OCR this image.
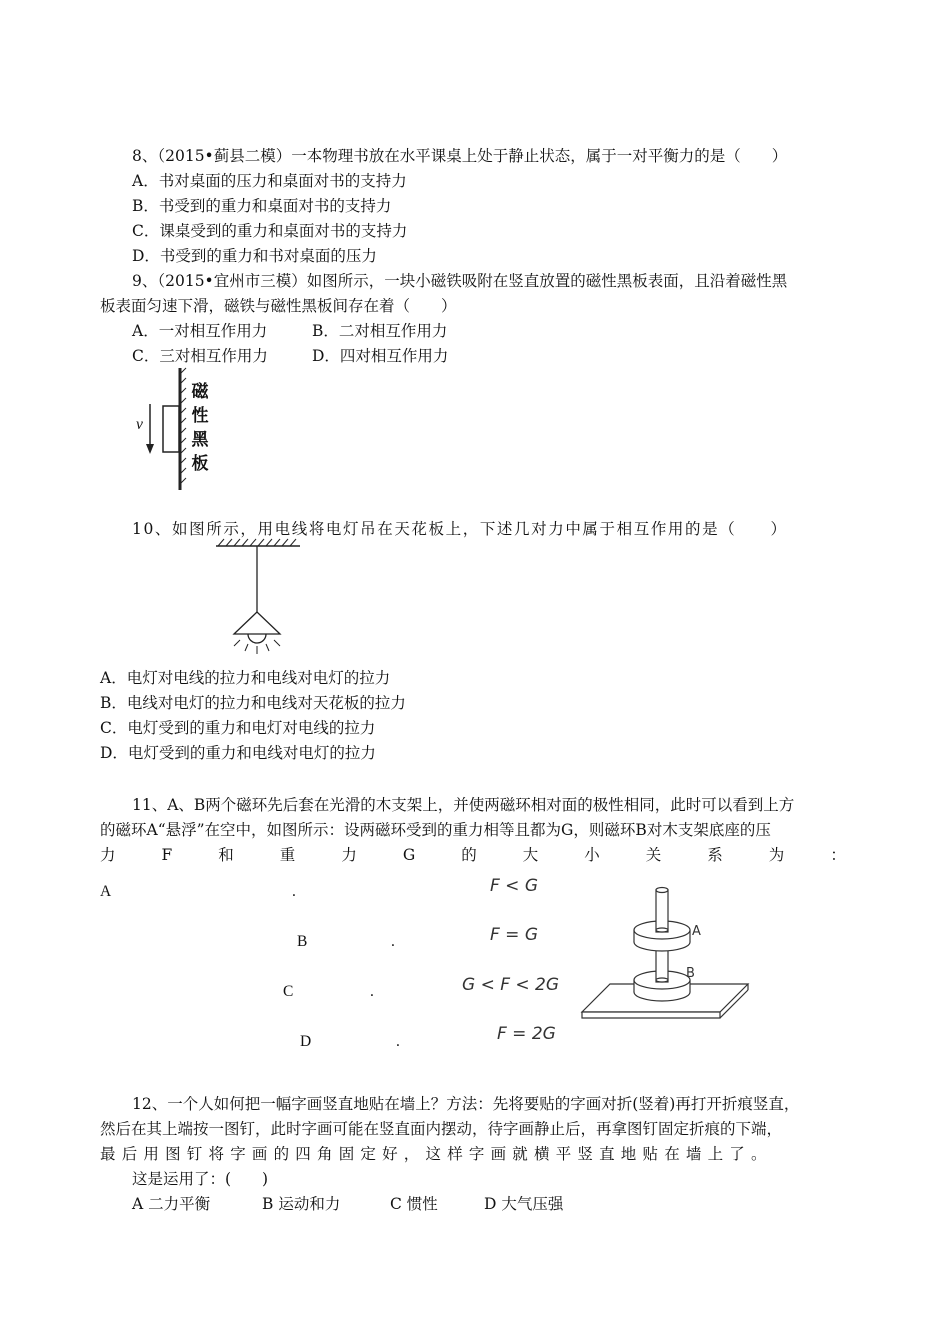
8、（2015•蓟县二模）一本物理书放在水平课桌上处于静止状态，属于一对平衡力的是（　　）
A．书对桌面的压力和桌面对书的支持力
B．书受到的重力和桌面对书的支持力
C．课桌受到的重力和桌面对书的支持力
D．书受到的重力和书对桌面的压力
9、（2015•宜州市三模）如图所示，一块小磁铁吸附在竖直放置的磁性黑板表面，且沿着磁性黑
板表面匀速下滑，磁铁与磁性黑板间存在着（　　）
A．一对相互作用力	B．二对相互作用力
C．三对相互作用力	D．四对相互作用力
v
磁
性
黑
板
10、如图所示，用电线将电灯吊在天花板上，下述几对力中属于相互作用的是（　　）
A．电灯对电线的拉力和电线对电灯的拉力
B．电线对电灯的拉力和电线对天花板的拉力
C．电灯受到的重力和电灯对电线的拉力
D．电灯受到的重力和电线对电灯的拉力
11、A、B两个磁环先后套在光滑的木支架上，并使两磁环相对面的极性相同，此时可以看到上方
的磁环A“悬浮”在空中，如图所示：设两磁环受到的重力相等且都为G，则磁环B对木支架底座的压
力	F	和	重	力	G	的	大	小	关	系	为	：
A	.	F < G
B	.	F = G
C	.	G < F < 2G
D	.	F = 2G
A
B
12、一个人如何把一幅字画竖直地贴在墙上？方法：先将要贴的字画对折(竖着)再打开折痕竖直，
然后在其上端按一图钉，此时字画可能在竖直面内摆动，待字画静止后，再拿图钉固定折痕的下端，
最后用图钉将字画的四角固定好，这样字画就横平竖直地贴在墙上了。
这是运用了：(　　)
A 二力平衡	B 运动和力	C 惯性	D 大气压强
